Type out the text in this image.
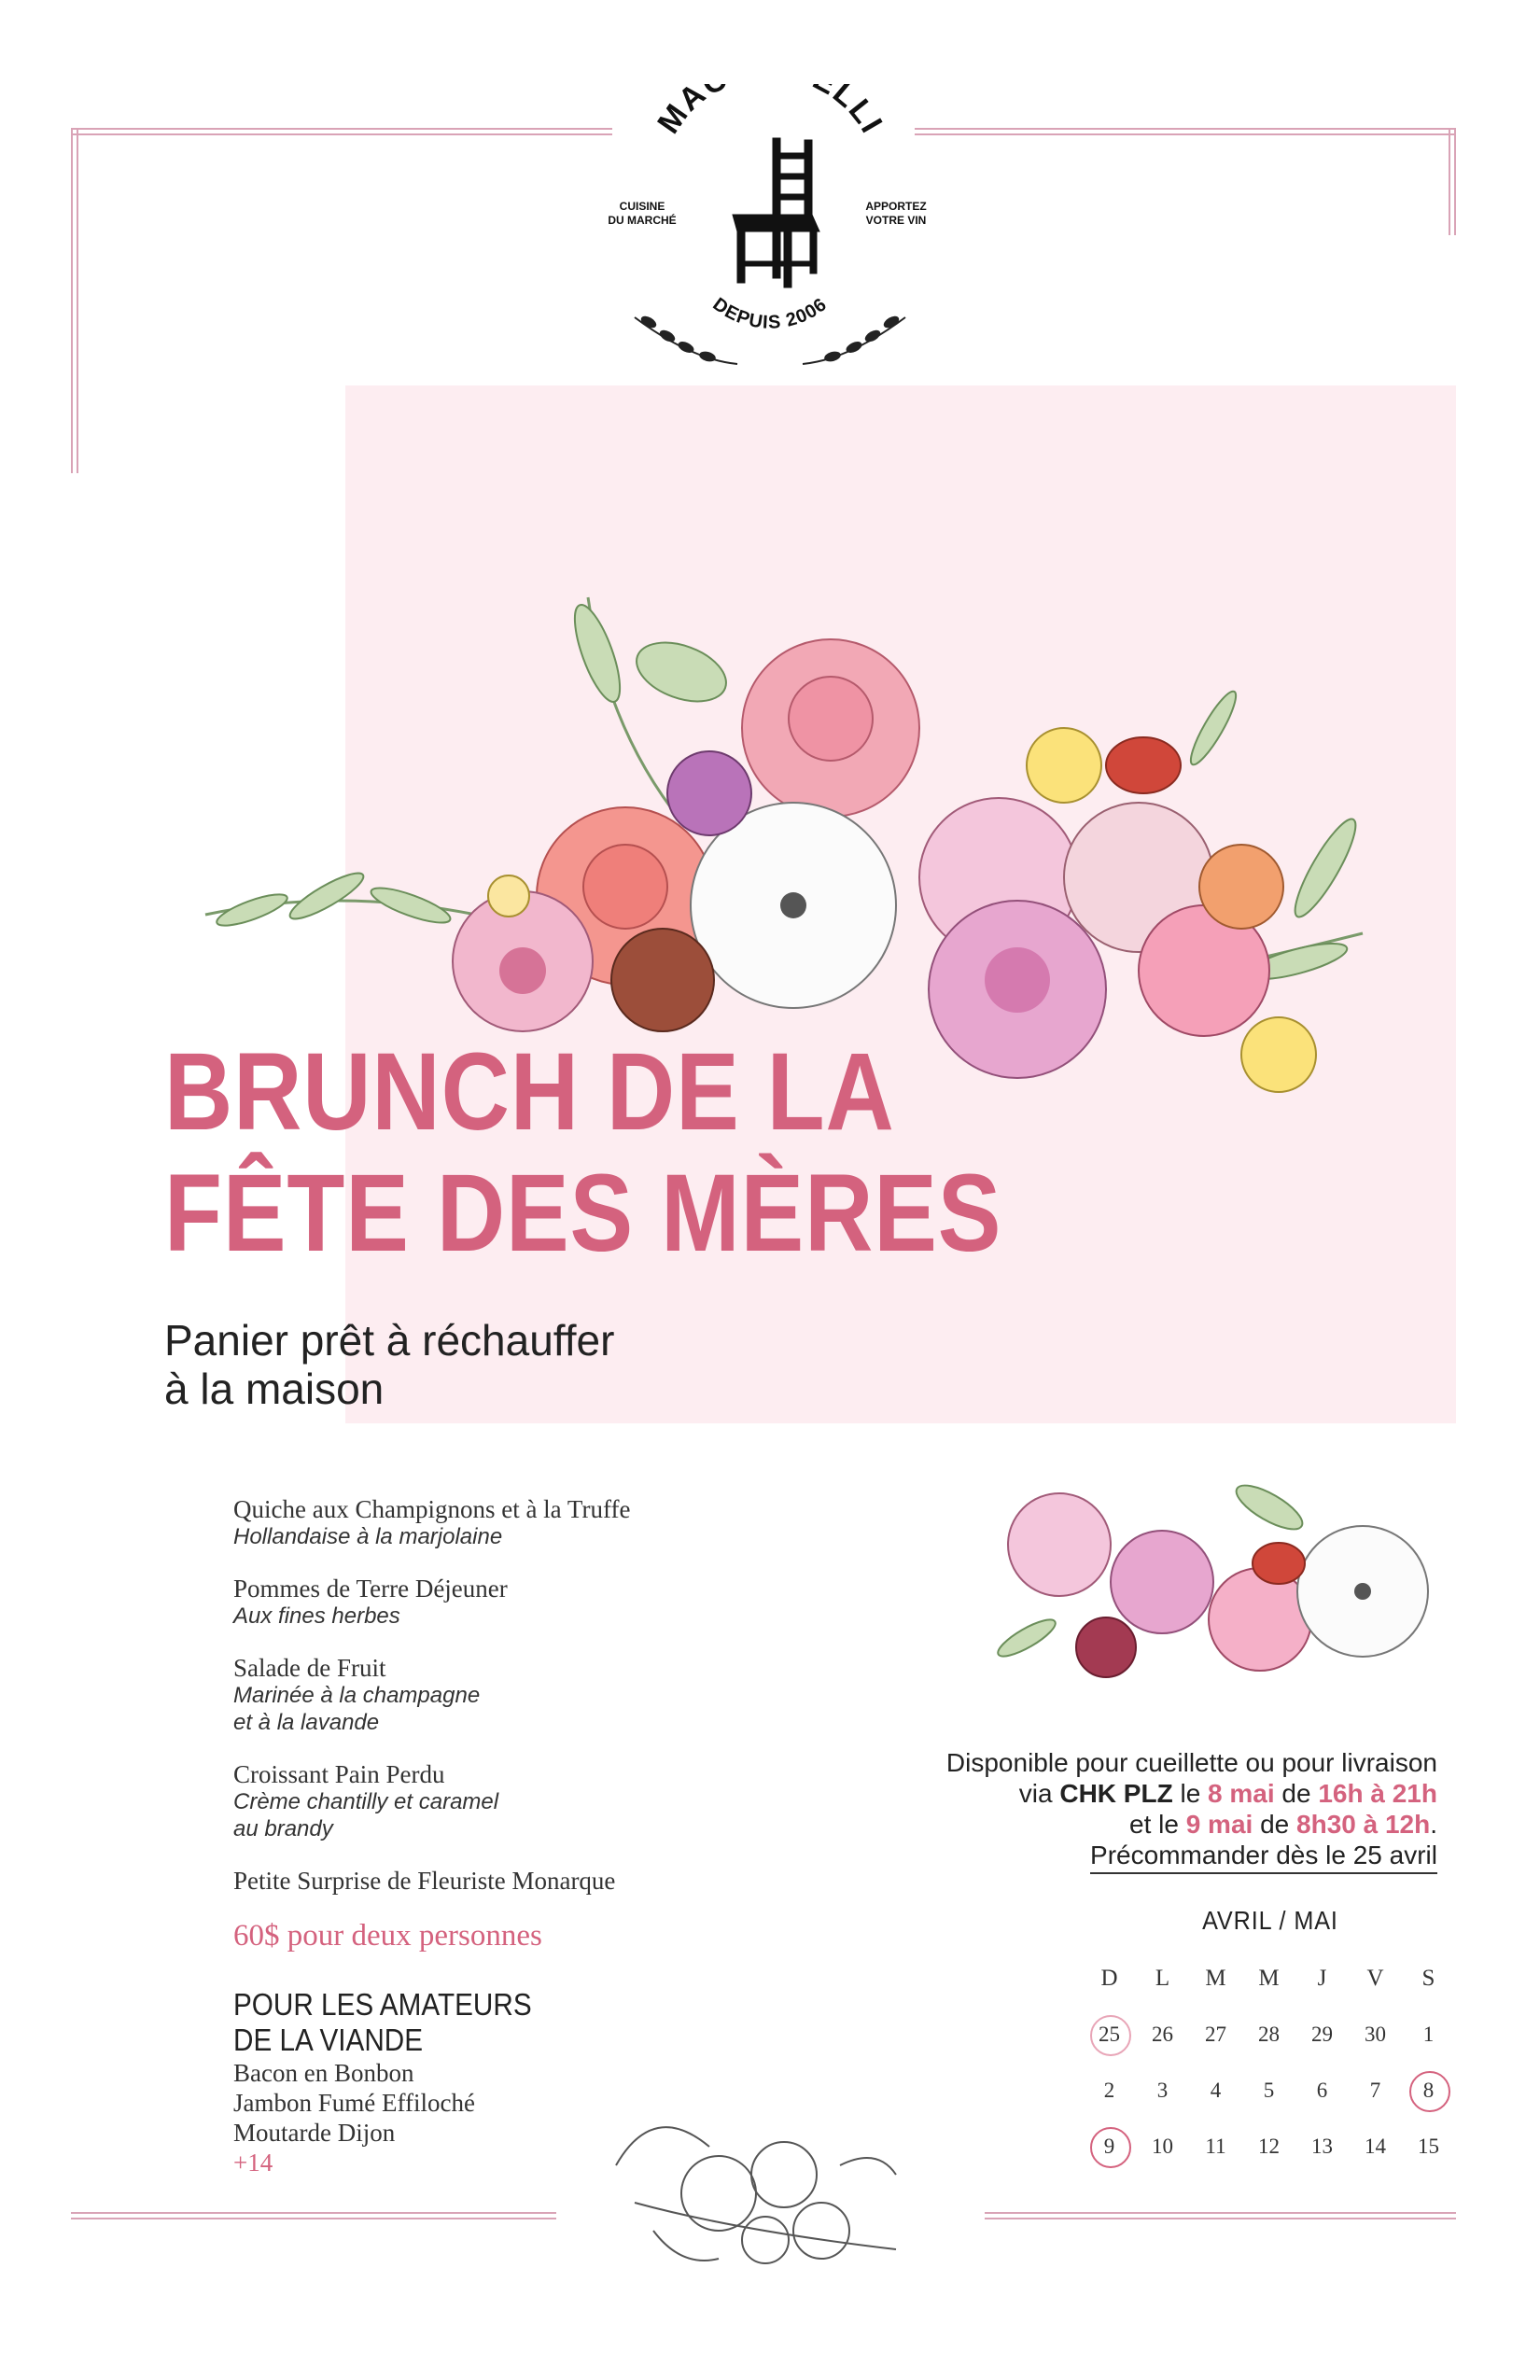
MA LLI
DEPUIS 2006
CUISINE
DU MARCHÉ
APPORTEZ
VOTRE VIN
BRUNCH DE LA
FÊTE DES MÈRES
Panier prêt à réchauffer
à la maison
Quiche aux Champignons et à la Truffe
Hollandaise à la marjolaine
Pommes de Terre Déjeuner
Aux fines herbes
Salade de Fruit
Marinée à la champagne
et à la lavande
Croissant Pain Perdu
Crème chantilly et caramel
au brandy
Petite Surprise de Fleuriste Monarque
60$ pour deux personnes
POUR LES AMATEURS
DE LA VIANDE
Bacon en Bonbon
Jambon Fumé Effiloché
Moutarde Dijon
+14
Disponible pour cueillette ou pour livraison
via CHK PLZ le 8 mai de 16h à 21h
et le 9 mai de 8h30 à 12h.
Précommander dès le 25 avril
AVRIL / MAI
D	L	M	M	J	V	S
25	26	27	28	29	30	1
2	3	4	5	6	7	8
9	10	11	12	13	14	15
